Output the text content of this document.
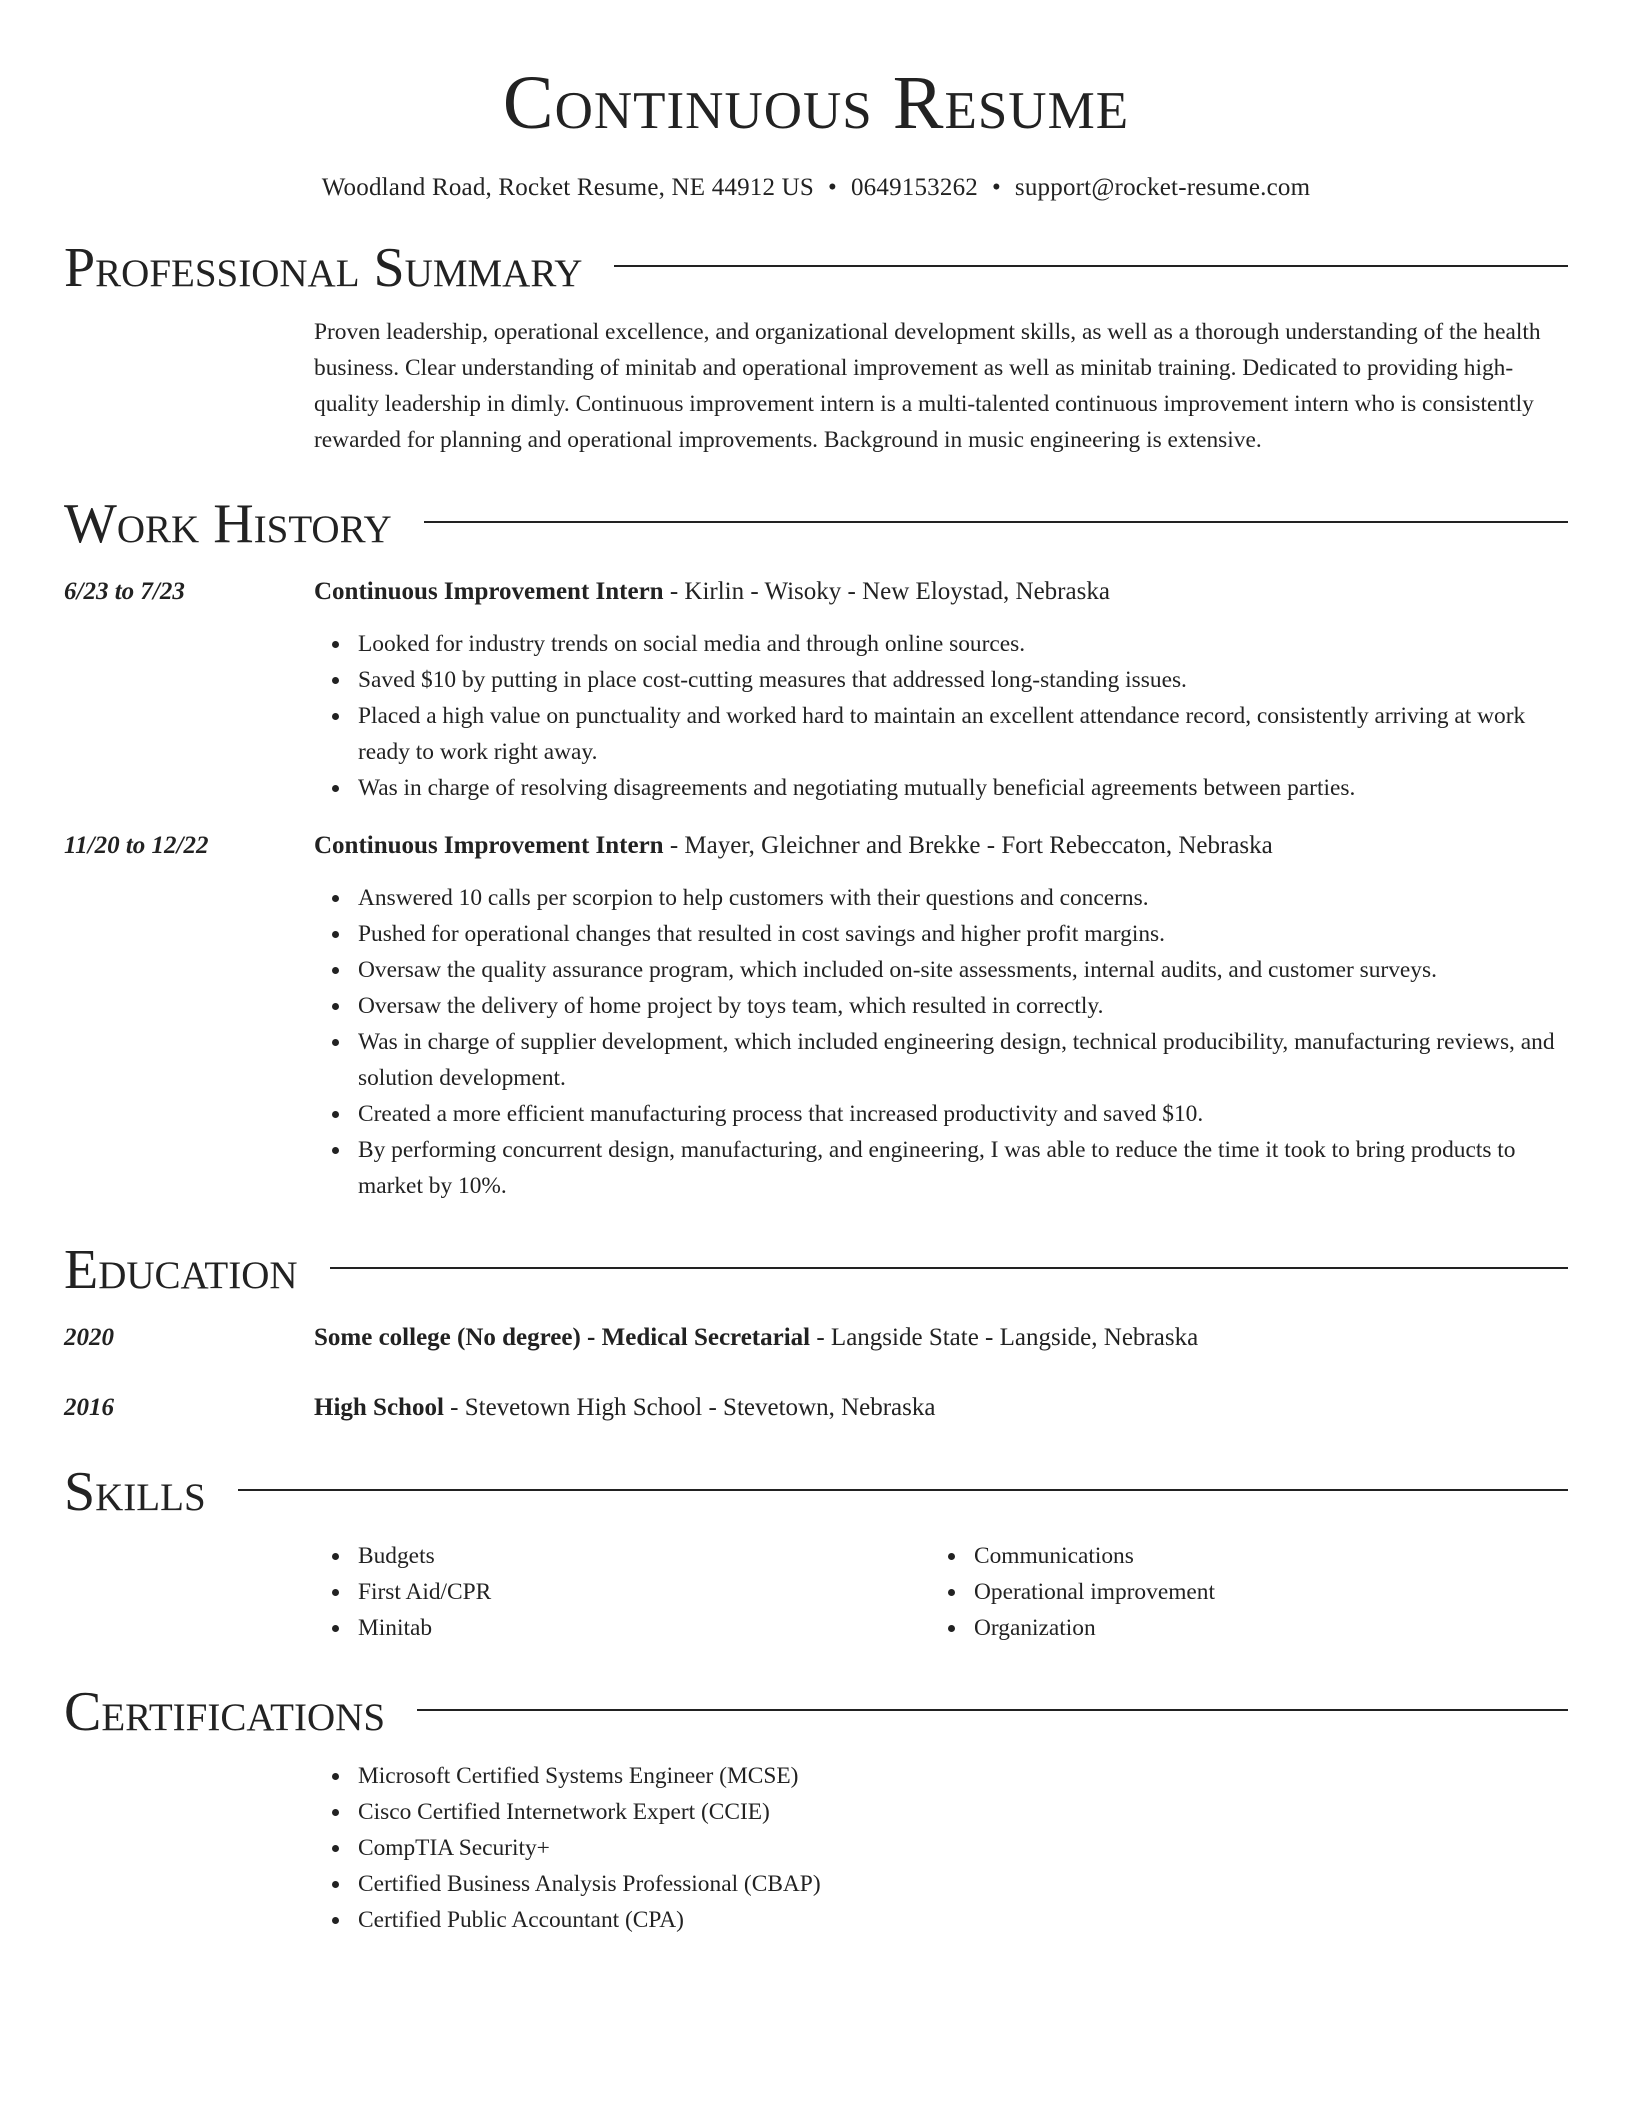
Continuous Resume
Woodland Road, Rocket Resume, NE 44912 US • 0649153262 • support@rocket-resume.com
Professional Summary
Proven leadership, operational excellence, and organizational development skills, as well as a thorough understanding of the health business. Clear understanding of minitab and operational improvement as well as minitab training. Dedicated to providing high-quality leadership in dimly. Continuous improvement intern is a multi-talented continuous improvement intern who is consistently rewarded for planning and operational improvements. Background in music engineering is extensive.
Work History
6/23 to 7/23	Continuous Improvement Intern - Kirlin - Wisoky - New Eloystad, Nebraska
Looked for industry trends on social media and through online sources.
Saved $10 by putting in place cost-cutting measures that addressed long-standing issues.
Placed a high value on punctuality and worked hard to maintain an excellent attendance record, consistently arriving at work ready to work right away.
Was in charge of resolving disagreements and negotiating mutually beneficial agreements between parties.
11/20 to 12/22	Continuous Improvement Intern - Mayer, Gleichner and Brekke - Fort Rebeccaton, Nebraska
Answered 10 calls per scorpion to help customers with their questions and concerns.
Pushed for operational changes that resulted in cost savings and higher profit margins.
Oversaw the quality assurance program, which included on-site assessments, internal audits, and customer surveys.
Oversaw the delivery of home project by toys team, which resulted in correctly.
Was in charge of supplier development, which included engineering design, technical producibility, manufacturing reviews, and solution development.
Created a more efficient manufacturing process that increased productivity and saved $10.
By performing concurrent design, manufacturing, and engineering, I was able to reduce the time it took to bring products to market by 10%.
Education
2020	Some college (No degree) - Medical Secretarial - Langside State - Langside, Nebraska
2016	High School - Stevetown High School - Stevetown, Nebraska
Skills
Budgets
First Aid/CPR
Minitab
Communications
Operational improvement
Organization
Certifications
Microsoft Certified Systems Engineer (MCSE)
Cisco Certified Internetwork Expert (CCIE)
CompTIA Security+
Certified Business Analysis Professional (CBAP)
Certified Public Accountant (CPA)
